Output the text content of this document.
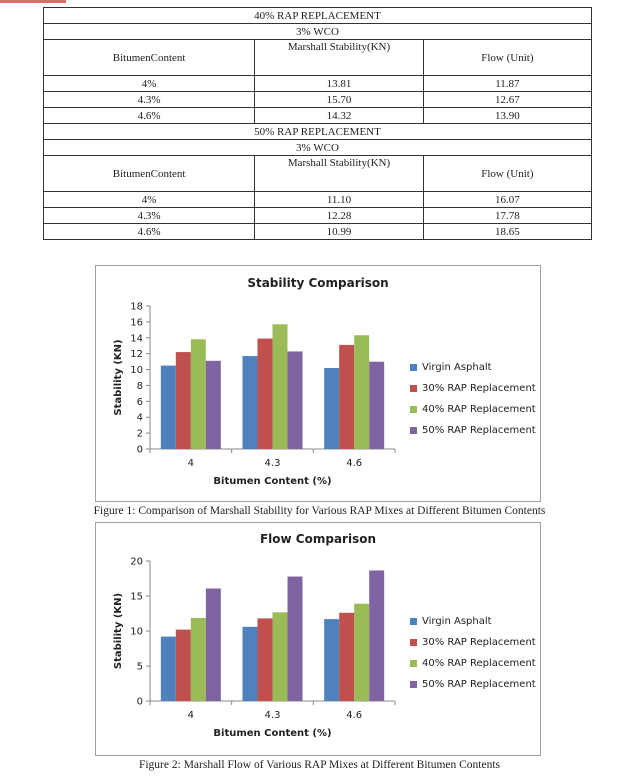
40% RAP REPLACEMENT		
3% WCO		
BitumenContent	Marshall Stability(KN)	Flow (Unit)
4%	13.81	11.87
4.3%	15.70	12.67
4.6%	14.32	13.90
50% RAP REPLACEMENT		
3% WCO		
BitumenContent	Marshall Stability(KN)	Flow (Unit)
4%	11.10	16.07
4.3%	12.28	17.78
4.6%	10.99	18.65
Stability Comparison
0
2
4
6
8
10
12
14
16
18
4	4.3	4.6
Bitumen Content (%)
Stability (KN)	Virgin Asphalt
30% RAP Replacement
40% RAP Replacement
50% RAP Replacement
Figure 1: Comparison of Marshall Stability for Various RAP Mixes at Different Bitumen Contents
Flow Comparison
0
5
10
15
20
4	4.3	4.6
Bitumen Content (%)
Stability (KN)	Virgin Asphalt
30% RAP Replacement
40% RAP Replacement
50% RAP Replacement
Figure 2: Marshall Flow of Various RAP Mixes at Different Bitumen Contents
